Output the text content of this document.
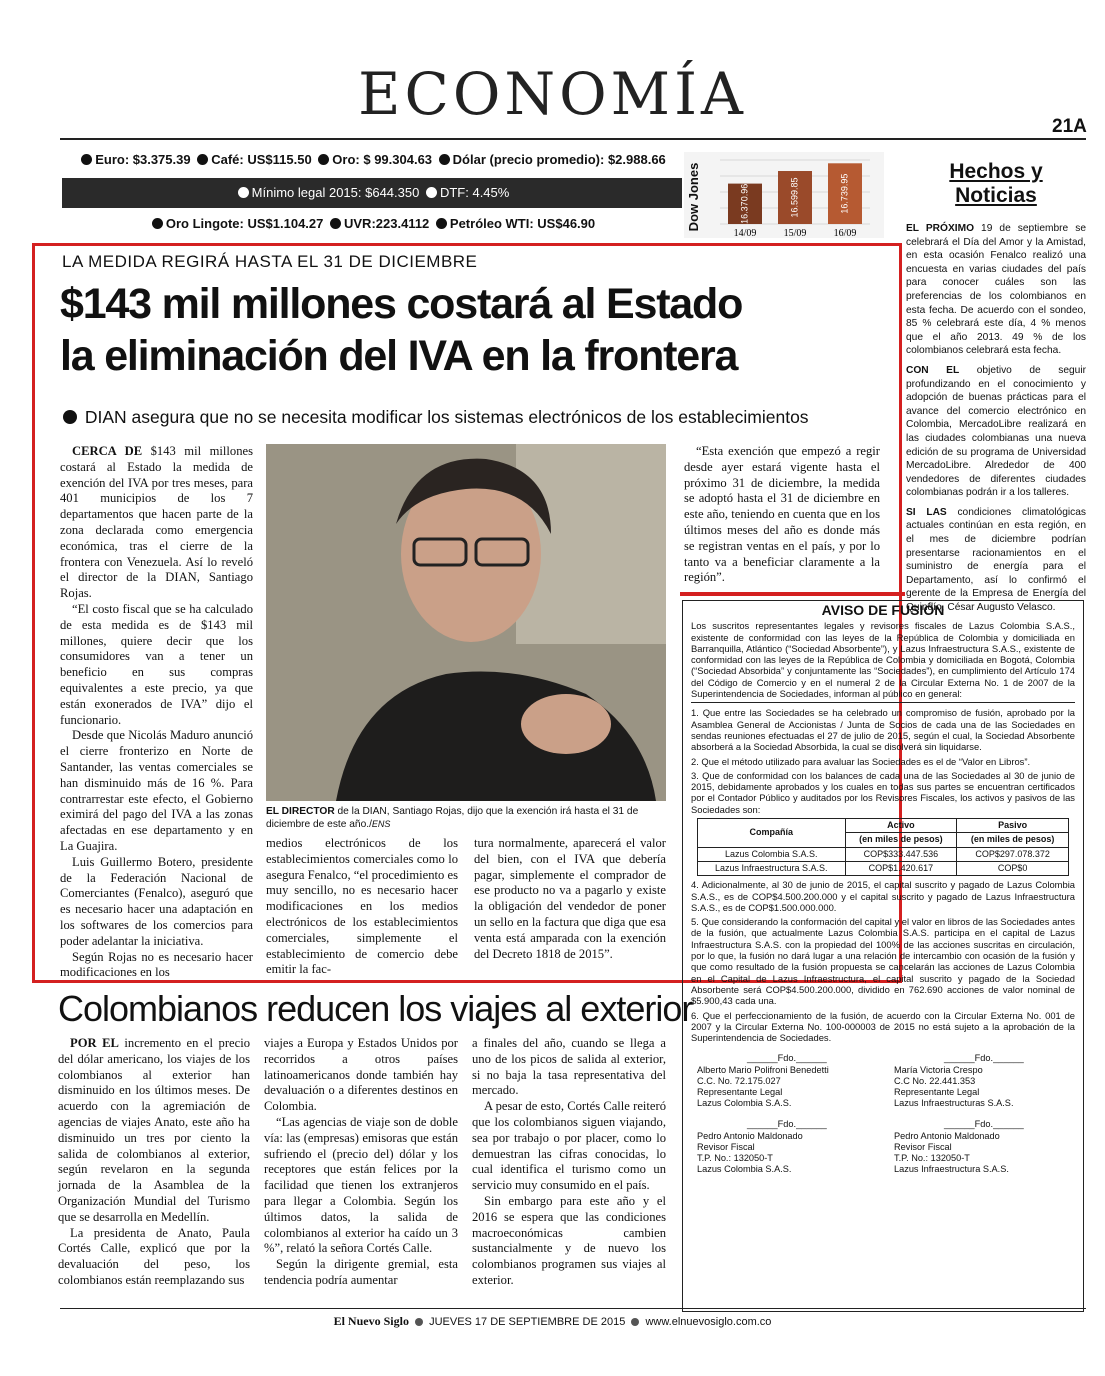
ECONOMÍA	21A
Euro: $3.375.39 Café: US$115.50 Oro: $ 99.304.63 Dólar (precio promedio): $2.988.66
Mínimo legal 2015: $644.350 DTF: 4.45%
Oro Lingote: US$1.104.27 UVR:223.4112 Petróleo WTI: US$46.90	Dow Jones	16.370.96
14/09
16.599.85
15/09
16.739.95
16/09
Hechos y Noticias

EL PRÓXIMO 19 de septiembre se celebrará el Día del Amor y la Amistad, en esta ocasión Fenalco realizó una encuesta en varias ciudades del país para conocer cuáles son las preferencias de los colombianos en esta fecha. De acuerdo con el sondeo, 85 % celebrará este día, 4 % menos que el año 2013. 49 % de los colombianos celebrará esta fecha.

CON EL objetivo de seguir profundizando en el conocimiento y adopción de buenas prácticas para el avance del comercio electrónico en Colombia, MercadoLibre realizará en las ciudades colombianas una nueva edición de su programa de Universidad MercadoLibre. Alrededor de 400 vendedores de diferentes ciudades colombianas podrán ir a los talleres.

SI LAS condiciones climatológicas actuales continúan en esta región, en el mes de diciembre podrían presentarse racionamientos en el suministro de energía para el Departamento, así lo confirmó el gerente de la Empresa de Energía del Quindío, César Augusto Velasco.

LA MEDIDA REGIRÁ HASTA EL 31 DE DICIEMBRE
$143 mil millones costará al Estado
la eliminación del IVA en la frontera
DIAN asegura que no se necesita modificar los sistemas electrónicos de los establecimientos

CERCA DE $143 mil millones costará al Estado la medida de exención del IVA por tres meses, para 401 municipios de los 7 departamentos que hacen parte de la zona declarada como emergencia económica, tras el cierre de la frontera con Venezuela. Así lo reveló el director de la DIAN, Santiago Rojas.

“El costo fiscal que se ha calculado de esta medida es de $143 mil millones, quiere decir que los consumidores van a tener un beneficio en sus compras equivalentes a este precio, ya que están exonerados de IVA” dijo el funcionario.

Desde que Nicolás Maduro anunció el cierre fronterizo en Norte de Santander, las ventas comerciales se han disminuido más de 16 %. Para contrarrestar este efecto, el Gobierno eximirá del pago del IVA a las zonas afectadas en ese departamento y en La Guajira.

Luis Guillermo Botero, presidente de la Federación Nacional de Comerciantes (Fenalco), aseguró que es necesario hacer una adaptación en los softwares de los comercios para poder adelantar la iniciativa.

Según Rojas no es necesario hacer modificaciones en los

EL DIRECTOR de la DIAN, Santiago Rojas, dijo que la exención irá hasta el 31 de diciembre de este año./ENS

medios electrónicos de los establecimientos comerciales como lo asegura Fenalco, “el procedimiento es muy sencillo, no es necesario hacer modificaciones en los medios electrónicos de los establecimientos comerciales, simplemente el establecimiento de comercio debe emitir la fac-

tura normalmente, aparecerá el valor del bien, con el IVA que debería pagar, simplemente el comprador de ese producto no va a pagarlo y existe la obligación del vendedor de poner un sello en la factura que diga que esa venta está amparada con la exención del Decreto 1818 de 2015”.

“Esta exención que empezó a regir desde ayer estará vigente hasta el próximo 31 de diciembre, la medida se adoptó hasta el 31 de diciembre en este año, teniendo en cuenta que en los últimos meses del año es donde más se registran ventas en el país, y por lo tanto va a beneficiar claramente a la región”.

AVISO DE FUSIÓN

Los suscritos representantes legales y revisores fiscales de Lazus Colombia S.A.S., existente de conformidad con las leyes de la República de Colombia y domiciliada en Barranquilla, Atlántico (“Sociedad Absorbente”), y Lazus Infraestructura S.A.S., existente de conformidad con las leyes de la República de Colombia y domiciliada en Bogotá, Colombia (“Sociedad Absorbida” y conjuntamente las “Sociedades”), en cumplimiento del Artículo 174 del Código de Comercio y en el numeral 2 de la Circular Externa No. 1 de 2007 de la Superintendencia de Sociedades, informan al público en general:

1. Que entre las Sociedades se ha celebrado un compromiso de fusión, aprobado por la Asamblea General de Accionistas / Junta de Socios de cada una de las Sociedades en sendas reuniones efectuadas el 27 de julio de 2015, según el cual, la Sociedad Absorbente absorberá a la Sociedad Absorbida, la cual se disolverá sin liquidarse.

2. Que el método utilizado para avaluar las Sociedades es el de “Valor en Libros”.

3. Que de conformidad con los balances de cada una de las Sociedades al 30 de junio de 2015, debidamente aprobados y los cuales en todas sus partes se encuentran certificados por el Contador Público y auditados por los Revisores Fiscales, los activos y pasivos de las Sociedades son:

Compañía	Activo	Pasivo
	(en miles de pesos)	(en miles de pesos)
Lazus Colombia S.A.S.	COP$333.447.536	COP$297.078.372
Lazus Infraestructura S.A.S.	COP$1.420.617	COP$0

4. Adicionalmente, al 30 de junio de 2015, el capital suscrito y pagado de Lazus Colombia S.A.S., es de COP$4.500.200.000 y el capital suscrito y pagado de Lazus Infraestructura S.A.S., es de COP$1.500.000.000.

5. Que considerando la conformación del capital y el valor en libros de las Sociedades antes de la fusión, que actualmente Lazus Colombia S.A.S. participa en el capital de Lazus Infraestructura S.A.S. con la propiedad del 100% de las acciones suscritas en circulación, por lo que, la fusión no dará lugar a una relación de intercambio con ocasión de la fusión y que como resultado de la fusión propuesta se cancelarán las acciones de Lazus Colombia en el Capital de Lazus Infraestructura, el capital suscrito y pagado de la Sociedad Absorbente será COP$4.500.200.000, dividido en 762.690 acciones de valor nominal de $5.900,43 cada una.

6. Que el perfeccionamiento de la fusión, de acuerdo con la Circular Externa No. 001 de 2007 y la Circular Externa No. 100-000003 de 2015 no está sujeto a la aprobación de la Superintendencia de Sociedades.

______Fdo.______
Alberto Mario Polifroni Benedetti
C.C. No. 72.175.027
Representante Legal
Lazus Colombia S.A.S.
______Fdo.______
María Victoria Crespo
C.C No. 22.441.353
Representante Legal
Lazus Infraestructuras S.A.S.
______Fdo.______
Pedro Antonio Maldonado
Revisor Fiscal
T.P. No.: 132050-T
Lazus Colombia S.A.S.
______Fdo.______
Pedro Antonio Maldonado
Revisor Fiscal
T.P. No.: 132050-T
Lazus Infraestructura S.A.S.
Colombianos reducen los viajes al exterior

POR EL incremento en el precio del dólar americano, los viajes de los colombianos al exterior han disminuido en los últimos meses. De acuerdo con la agremiación de agencias de viajes Anato, este año ha disminuido un tres por ciento la salida de colombianos al exterior, según revelaron en la segunda jornada de la Asamblea de la Organización Mundial del Turismo que se desarrolla en Medellín.

La presidenta de Anato, Paula Cortés Calle, explicó que por la devaluación del peso, los colombianos están reemplazando sus

viajes a Europa y Estados Unidos por recorridos a otros países latinoamericanos donde también hay devaluación o a diferentes destinos en Colombia.

“Las agencias de viaje son de doble vía: las (empresas) emisoras que están sufriendo el (precio del) dólar y los receptores que están felices por la facilidad que tienen los extranjeros para llegar a Colombia. Según los últimos datos, la salida de colombianos al exterior ha caído un 3 %”, relató la señora Cortés Calle.

Según la dirigente gremial, esta tendencia podría aumentar

a finales del año, cuando se llega a uno de los picos de salida al exterior, si no baja la tasa representativa del mercado.

A pesar de esto, Cortés Calle reiteró que los colombianos siguen viajando, sea por trabajo o por placer, como lo demuestran las cifras conocidas, lo cual identifica el turismo como un servicio muy consumido en el país.

Sin embargo para este año y el 2016 se espera que las condiciones macroeconómicas cambien sustancialmente y de nuevo los colombianos programen sus viajes al exterior.

El Nuevo Siglo JUEVES 17 DE SEPTIEMBRE DE 2015 www.elnuevosiglo.com.co
